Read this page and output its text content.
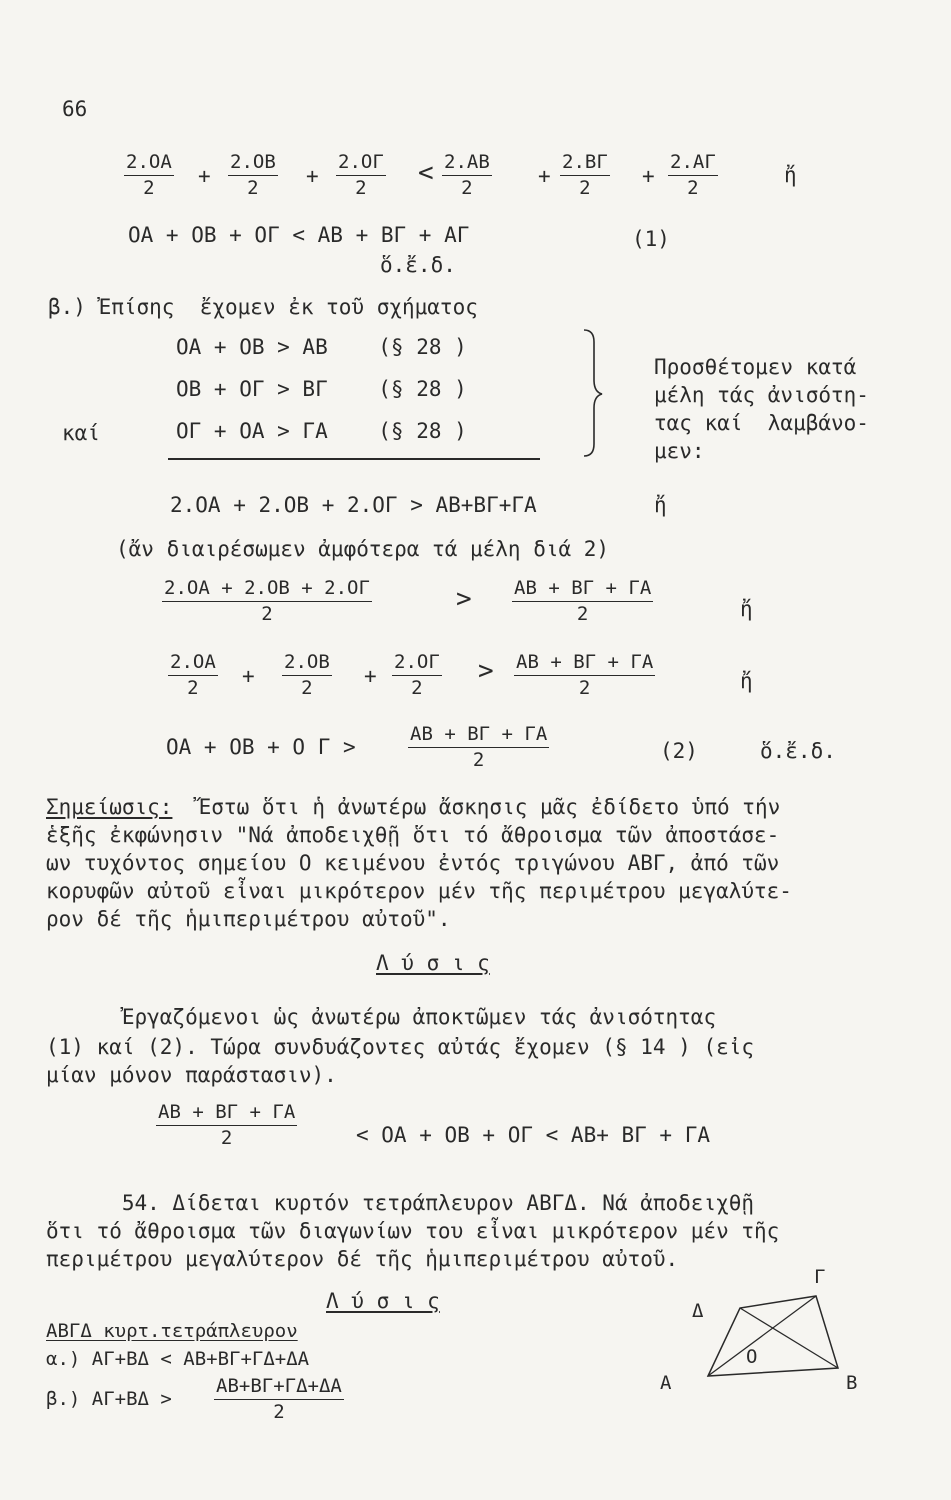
66
$\frac{2.OA}{2} + \frac{2.OB}{2} + \frac{2.O\Gamma}{2} < \frac{2.AB}{2} + \frac{2.B\Gamma}{2} + \frac{2.A\Gamma}{2}$	ἤ
ΟΑ + ΟΒ + ΟΓ < ΑΒ + ΒΓ + ΑΓ	(1)
ὅ.ἔ.δ.
β.) Ἐπίσης  ἔχομεν ἐκ τοῦ σχήματος
ΟΑ + ΟΒ > ΑΒ    (§ 28 )
ΟΒ + ΟΓ > ΒΓ    (§ 28 )
καί	ΟΓ + ΟΑ > ΓΑ    (§ 28 )
Προσθέτομεν κατά
μέλη τάς ἀνισότη-
τας καί  λαμβάνο-
μεν:
2.ΟΑ + 2.ΟΒ + 2.ΟΓ > ΑΒ+ΒΓ+ΓΑ	ἤ
(ἄν διαιρέσωμεν ἀμφότερα τά μέλη διά 2)
$\frac{2.OA + 2.OB + 2.O\Gamma}{2}$	> $\frac{AB + B\Gamma + \Gamma A}{2}$	ἤ
$\frac{2.OA}{2} + \frac{2.OB}{2} + \frac{2.O\Gamma}{2} > \frac{AB + B\Gamma + \Gamma A}{2}$	ἤ
ΟΑ + ΟΒ + Ο Γ >	$\frac{AB + B\Gamma + \Gamma A}{2}$	(2)	ὅ.ἔ.δ.
Σημείωσις: Ἔστω ὅτι ἡ ἀνωτέρω ἄσκησις μᾶς ἐδίδετο ὑπό τήν
ἑξῆς ἐκφώνησιν "Νά ἀποδειχθῇ ὅτι τό ἄθροισμα τῶν ἀποστάσε-
ων τυχόντος σημείου Ο κειμένου ἐντός τριγώνου ΑΒΓ, ἀπό τῶν
κορυφῶν αὐτοῦ εἶναι μικρότερον μέν τῆς περιμέτρου μεγαλύτε-
ρον δέ τῆς ἡμιπεριμέτρου αὐτοῦ".
Λ ύ σ ι ς
Ἐργαζόμενοι ὡς ἀνωτέρω ἀποκτῶμεν τάς ἀνισότητας
(1) καί (2). Τώρα συνδυάζοντες αὐτάς ἔχομεν (§ 14 ) (εἰς
μίαν μόνον παράστασιν).
$\frac{AB + B\Gamma + \Gamma A}{2}$	< ΟΑ + ΟΒ + ΟΓ < ΑΒ+ ΒΓ + ΓΑ
54. Δίδεται κυρτόν τετράπλευρον ΑΒΓΔ. Νά ἀποδειχθῇ
ὅτι τό ἄθροισμα τῶν διαγωνίων του εἶναι μικρότερον μέν τῆς
περιμέτρου μεγαλύτερον δέ τῆς ἡμιπεριμέτρου αὐτοῦ.
Λ ύ σ ι ς
ΑΒΓΔ κυρτ.τετράπλευρον
α.) ΑΓ+ΒΔ < ΑΒ+ΒΓ+ΓΔ+ΔΑ
β.) $A\Gamma+B\Delta > \frac{AB+B\Gamma+\Gamma\Delta+\Delta A}{2}$
Δ
Γ
Ο
Α	Β
